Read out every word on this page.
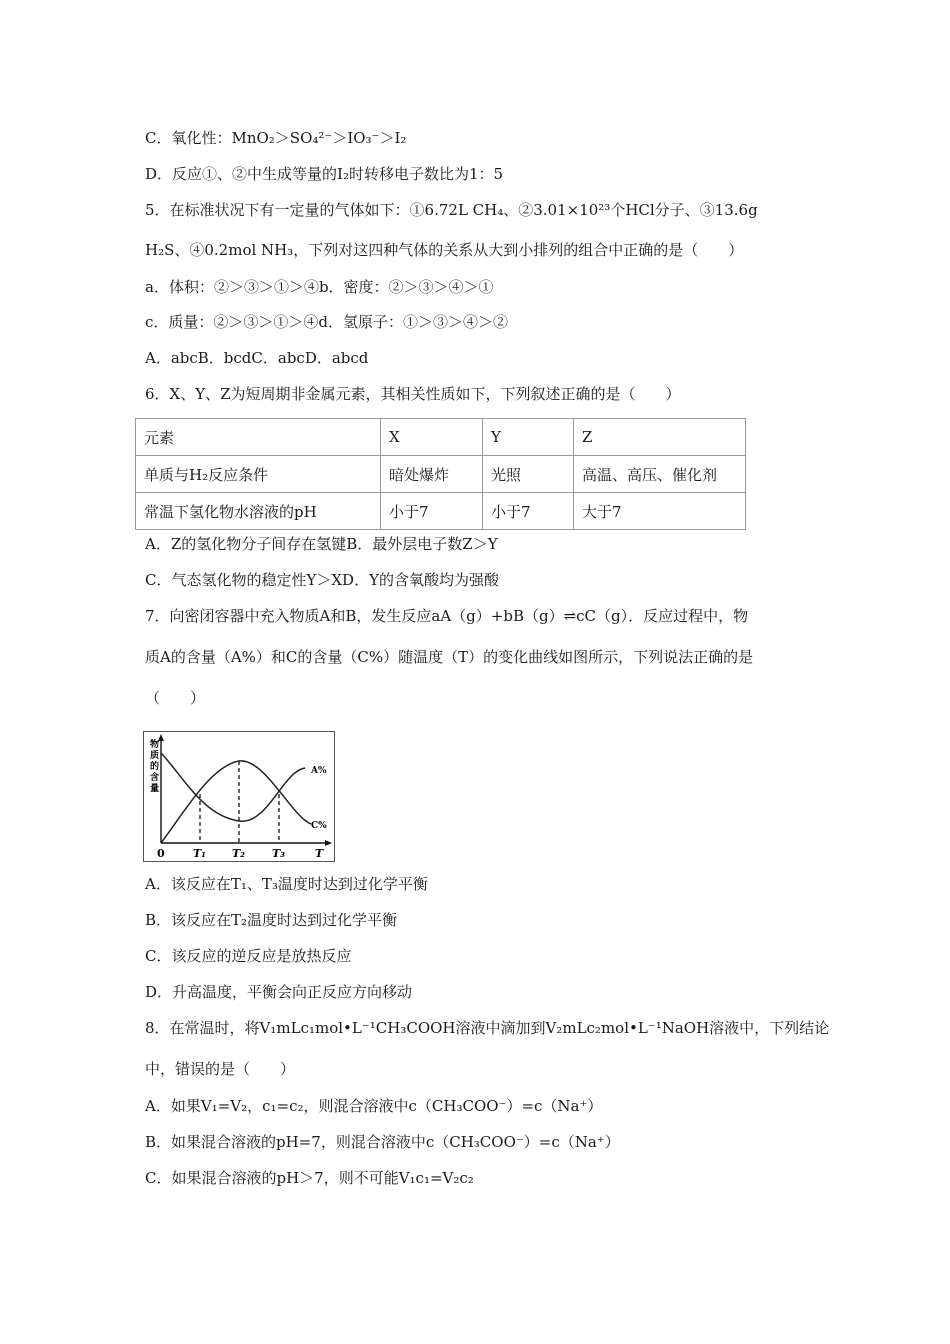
C．氧化性：MnO₂＞SO₄²⁻＞IO₃⁻＞I₂
D．反应①、②中生成等量的I₂时转移电子数比为1：5
5．在标准状况下有一定量的气体如下：①6.72L CH₄、②3.01×10²³个HCl分子、③13.6g
H₂S、④0.2mol NH₃，下列对这四种气体的关系从大到小排列的组合中正确的是（　　）
a．体积：②＞③＞①＞④b．密度：②＞③＞④＞①
c．质量：②＞③＞①＞④d．氢原子：①＞③＞④＞②
A．abcB．bcdC．abcD．abcd
6．X、Y、Z为短周期非金属元素，其相关性质如下，下列叙述正确的是（　　）
元素	X	Y	Z
单质与H₂反应条件	暗处爆炸	光照	高温、高压、催化剂
常温下氢化物水溶液的pH	小于7	小于7	大于7
A．Z的氢化物分子间存在氢键B．最外层电子数Z＞Y
C．气态氢化物的稳定性Y＞XD．Y的含氧酸均为强酸
7．向密闭容器中充入物质A和B，发生反应aA（g）+bB（g）⇌cC（g）．反应过程中，物
质A的含量（A%）和C的含量（C%）随温度（T）的变化曲线如图所示，下列说法正确的是
（　　）
物
质
的
含
量
A%
C%
0	T₁ T₂ T₃	T
A．该反应在T₁、T₃温度时达到过化学平衡
B．该反应在T₂温度时达到过化学平衡
C．该反应的逆反应是放热反应
D．升高温度，平衡会向正反应方向移动
8．在常温时，将V₁mLc₁mol•L⁻¹CH₃COOH溶液中滴加到V₂mLc₂mol•L⁻¹NaOH溶液中，下列结论
中，错误的是（　　）
A．如果V₁=V₂，c₁=c₂，则混合溶液中c（CH₃COO⁻）=c（Na⁺）
B．如果混合溶液的pH=7，则混合溶液中c（CH₃COO⁻）=c（Na⁺）
C．如果混合溶液的pH＞7，则不可能V₁c₁=V₂c₂
